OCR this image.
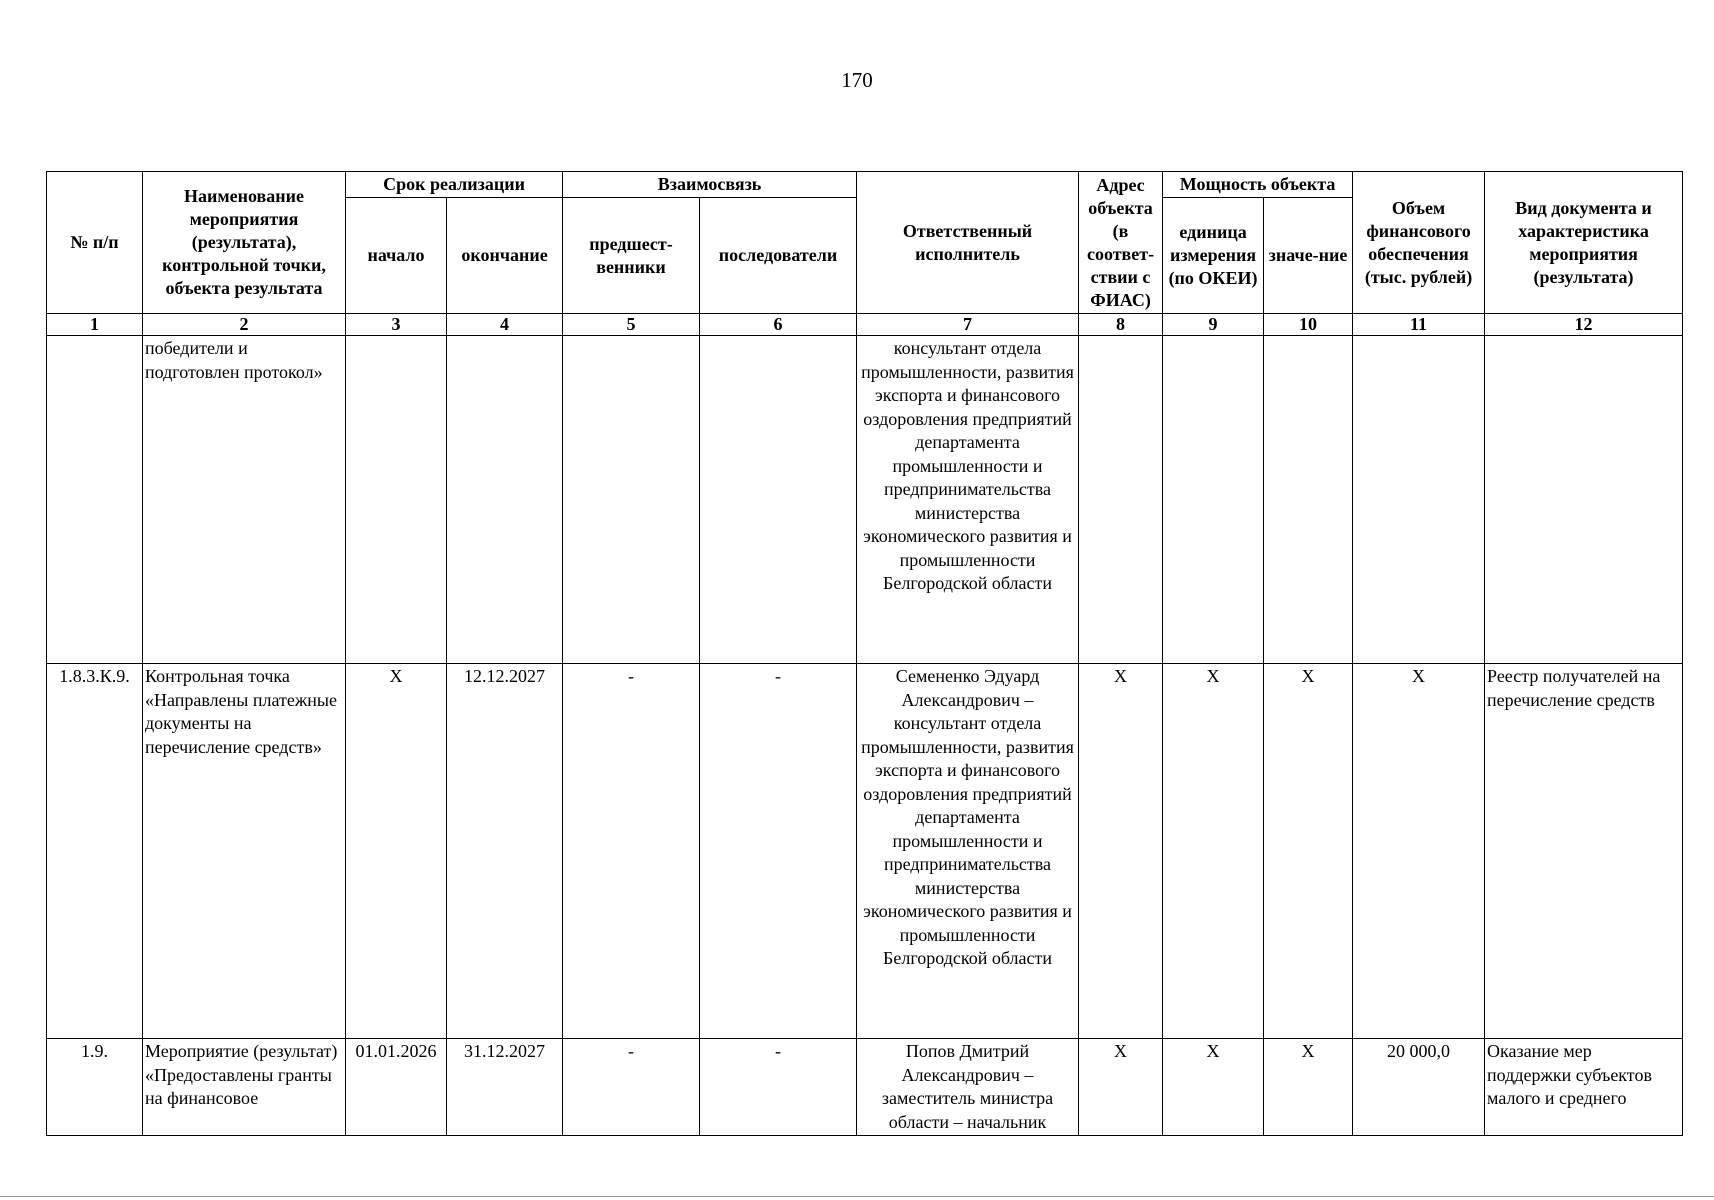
170
№ п/п	Наименование мероприятия (результата), контрольной точки, объекта результата	Срок реализации		Взаимосвязь		Ответственный исполнитель	Адрес объекта (в соответ-ствии с ФИАС)	Мощность объекта		Объем финансового обеспечения (тыс. рублей)	Вид документа и характеристика мероприятия (результата)
		начало	окончание	предшест-венники	последователи			единица измерения (по ОКЕИ)	значе-ние		
1	2	3	4	5	6	7	8	9	10	11	12
	победители и подготовлен протокол»					консультант отдела промышленности, развития экспорта и финансового оздоровления предприятий департамента промышленности и предпринимательства министерства экономического развития и промышленности Белгородской области					
1.8.3.К.9.	Контрольная точка «Направлены платежные документы на перечисление средств»	X	12.12.2027	-	-	Семененко Эдуард Александрович – консультант отдела промышленности, развития экспорта и финансового оздоровления предприятий департамента промышленности и предпринимательства министерства экономического развития и промышленности Белгородской области	X	X	X	X	Реестр получателей на перечисление средств
1.9.	Мероприятие (результат) «Предоставлены гранты на финансовое	01.01.2026	31.12.2027	-	-	Попов Дмитрий Александрович – заместитель министра области – начальник	X	X	X	20 000,0	Оказание мер поддержки субъектов малого и среднего
